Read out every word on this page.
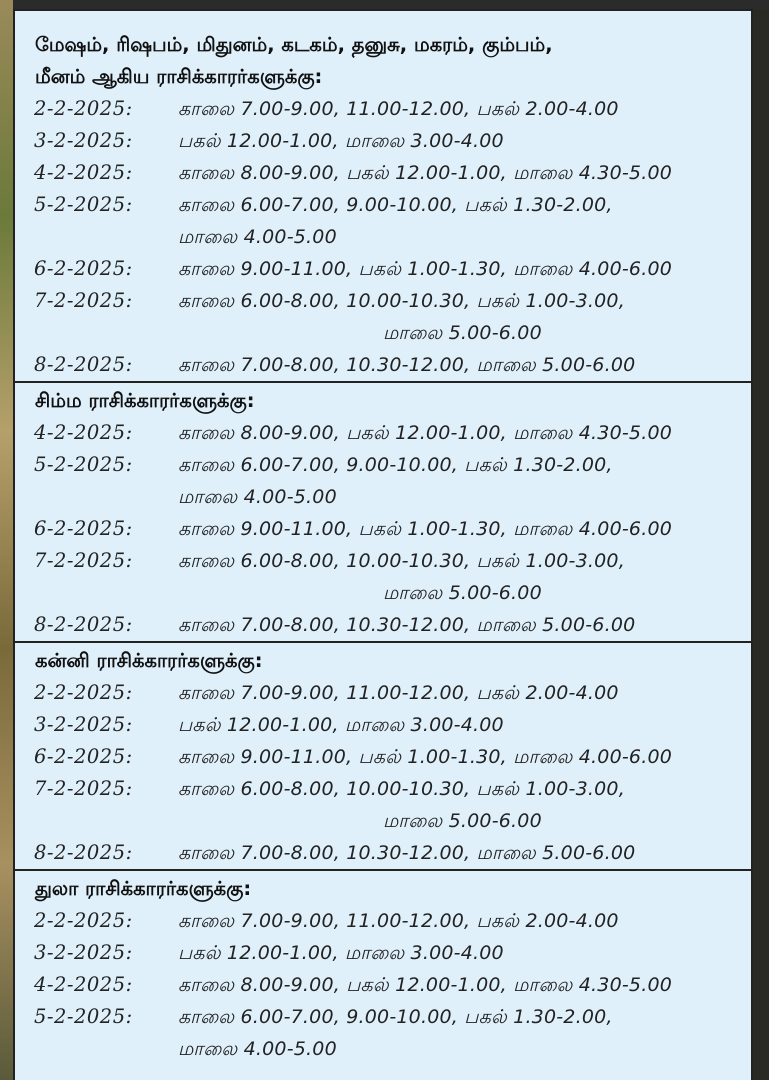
மேஷம், ரிஷபம், மிதுனம், கடகம், தனுசு, மகரம், கும்பம்,
மீனம் ஆகிய ராசிக்காரர்களுக்கு:
2-2-2025: காலை 7.00-9.00, 11.00-12.00, பகல் 2.00-4.00
3-2-2025: பகல் 12.00-1.00, மாலை 3.00-4.00
4-2-2025: காலை 8.00-9.00, பகல் 12.00-1.00, மாலை 4.30-5.00
5-2-2025: காலை 6.00-7.00, 9.00-10.00, பகல் 1.30-2.00,
மாலை 4.00-5.00
6-2-2025: காலை 9.00-11.00, பகல் 1.00-1.30, மாலை 4.00-6.00
7-2-2025: காலை 6.00-8.00, 10.00-10.30, பகல் 1.00-3.00,
மாலை 5.00-6.00
8-2-2025: காலை 7.00-8.00, 10.30-12.00, மாலை 5.00-6.00
சிம்ம ராசிக்காரர்களுக்கு:
4-2-2025: காலை 8.00-9.00, பகல் 12.00-1.00, மாலை 4.30-5.00
5-2-2025: காலை 6.00-7.00, 9.00-10.00, பகல் 1.30-2.00,
மாலை 4.00-5.00
6-2-2025: காலை 9.00-11.00, பகல் 1.00-1.30, மாலை 4.00-6.00
7-2-2025: காலை 6.00-8.00, 10.00-10.30, பகல் 1.00-3.00,
மாலை 5.00-6.00
8-2-2025: காலை 7.00-8.00, 10.30-12.00, மாலை 5.00-6.00
கன்னி ராசிக்காரர்களுக்கு:
2-2-2025: காலை 7.00-9.00, 11.00-12.00, பகல் 2.00-4.00
3-2-2025: பகல் 12.00-1.00, மாலை 3.00-4.00
6-2-2025: காலை 9.00-11.00, பகல் 1.00-1.30, மாலை 4.00-6.00
7-2-2025: காலை 6.00-8.00, 10.00-10.30, பகல் 1.00-3.00,
மாலை 5.00-6.00
8-2-2025: காலை 7.00-8.00, 10.30-12.00, மாலை 5.00-6.00
துலா ராசிக்காரர்களுக்கு:
2-2-2025: காலை 7.00-9.00, 11.00-12.00, பகல் 2.00-4.00
3-2-2025: பகல் 12.00-1.00, மாலை 3.00-4.00
4-2-2025: காலை 8.00-9.00, பகல் 12.00-1.00, மாலை 4.30-5.00
5-2-2025: காலை 6.00-7.00, 9.00-10.00, பகல் 1.30-2.00,
மாலை 4.00-5.00
